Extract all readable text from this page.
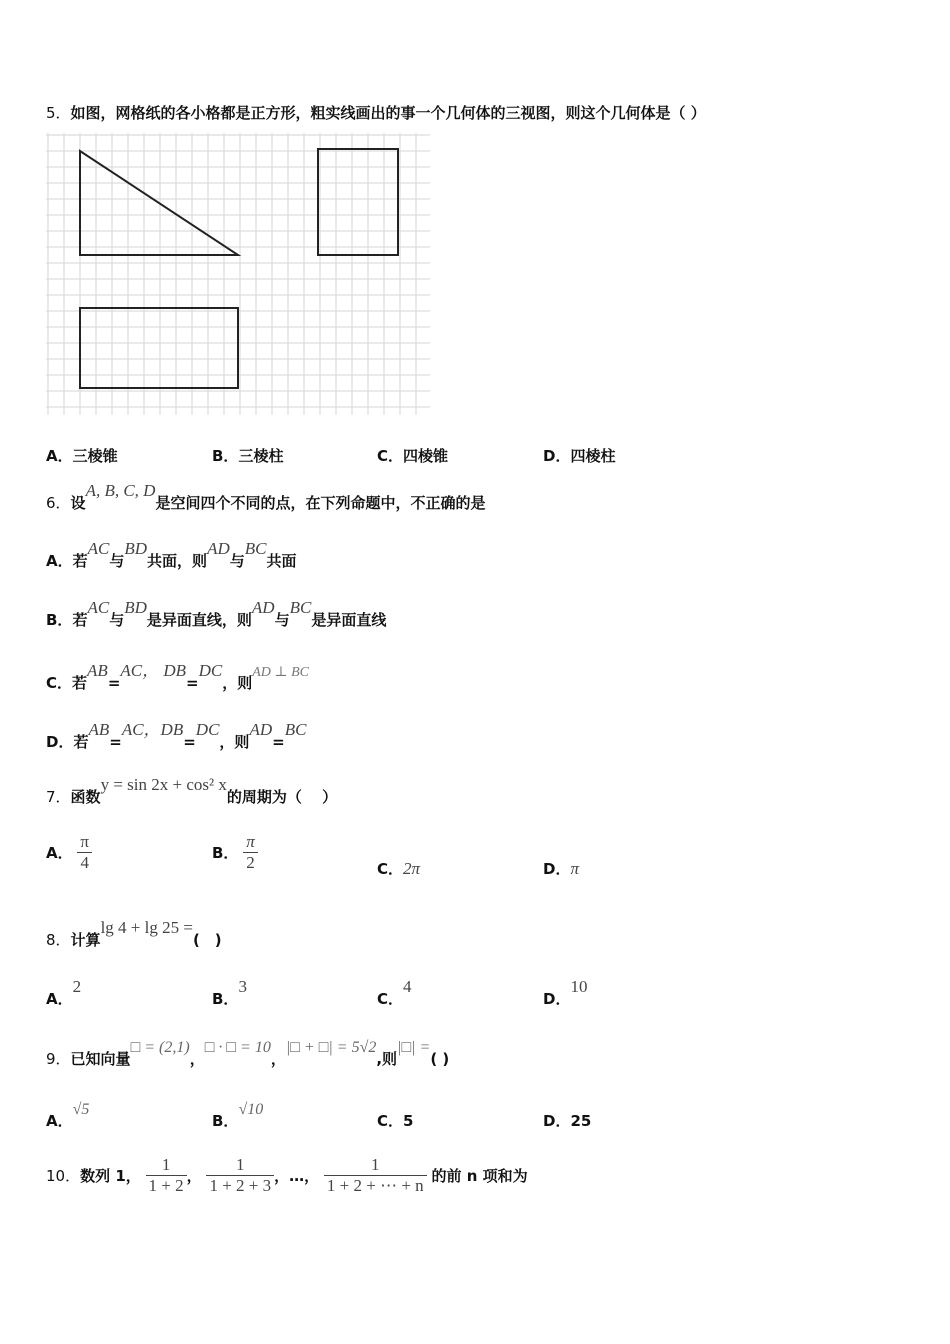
5．如图，网格纸的各小格都是正方形，粗实线画出的事一个几何体的三视图，则这个几何体是（ ）
A．三棱锥	B．三棱柱	C．四棱锥	D．四棱柱
6．设A, B, C, D是空间四个不同的点，在下列命题中，不正确的是
A．若AC与BD共面，则AD与BC共面
B．若AC与BD是异面直线，则AD与BC是异面直线
C．若AB=AC， DB=DC，则AD ⊥ BC
D．若AB=AC，DB=DC，则AD=BC
7．函数y = sin 2x + cos² x的周期为（　 ）
A． $\frac{\pi}{4}$	B． $\frac{\pi}{2}$	C．2π	D．π
8．计算lg 4 + lg 25 =(　)
A．2
B．3
C．4
D．10
9．已知向量□ = (2,1)，□ · □ = 10，|□ + □| = 5√2,则|□| =( )
A．√5
B．√10
C．5	D．25
10．数列 1， $\frac{1}{1 + 2}$ ， $\frac{1}{1 + 2 + 3}$ ，…， $\frac{1}{1 + 2 + \cdots + n}$ 的前 n 项和为
